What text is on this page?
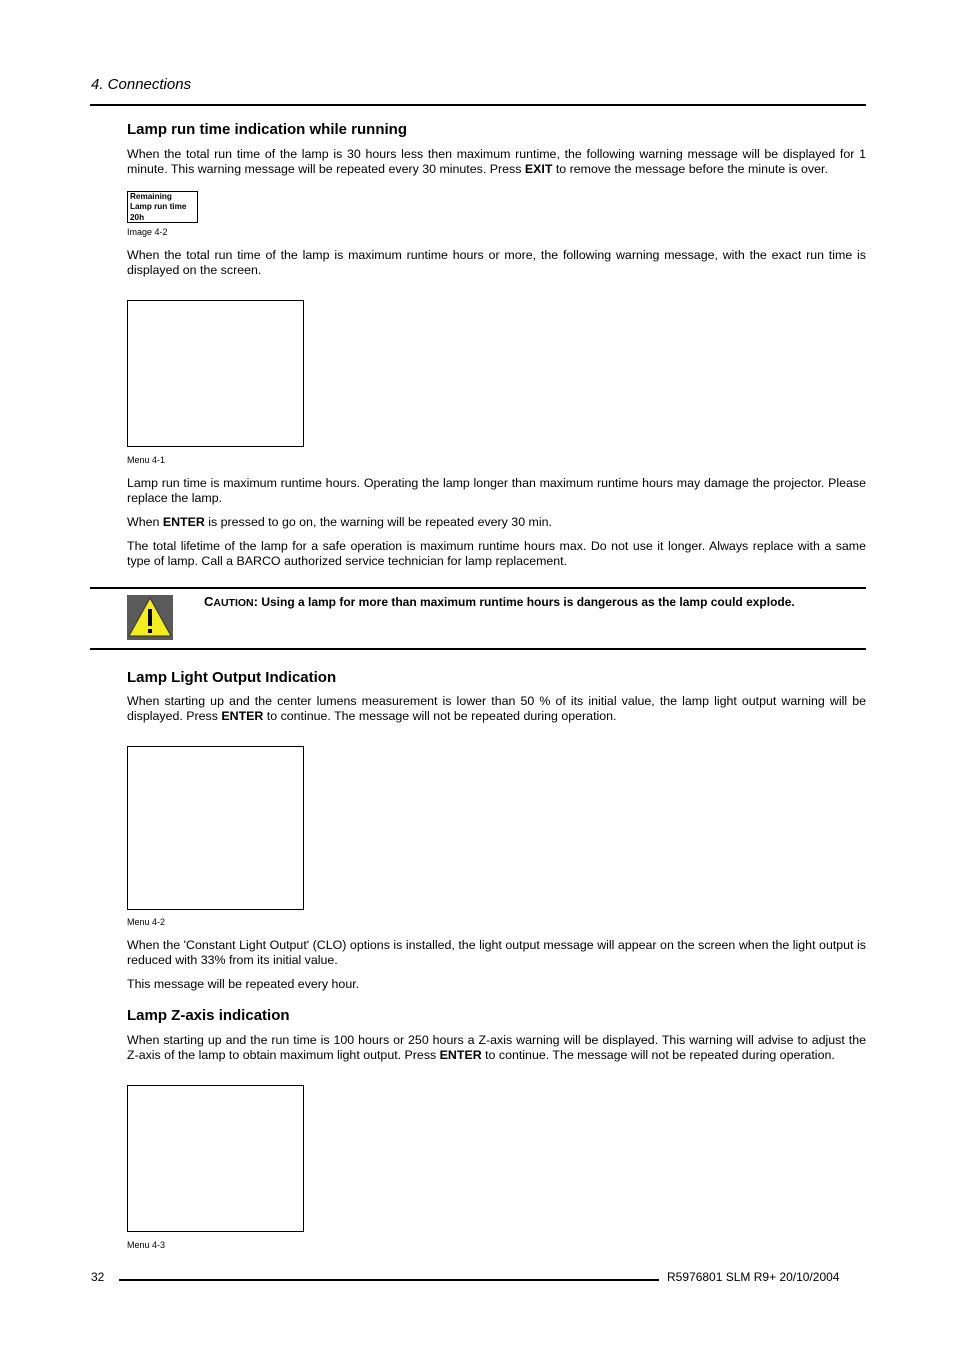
4. Connections
Lamp run time indication while running

When the total run time of the lamp is 30 hours less then maximum runtime, the following warning message will be displayed for 1 minute. This warning message will be repeated every 30 minutes. Press EXIT to remove the message before the minute is over.

Remaining
Lamp run time
20h
Image 4-2

When the total run time of the lamp is maximum runtime hours or more, the following warning message, with the exact run time is displayed on the screen.

Menu 4-1

Lamp run time is maximum runtime hours. Operating the lamp longer than maximum runtime hours may damage the projector. Please replace the lamp.

When ENTER is pressed to go on, the warning will be repeated every 30 min.

The total lifetime of the lamp for a safe operation is maximum runtime hours max. Do not use it longer. Always replace with a same type of lamp. Call a BARCO authorized service technician for lamp replacement.

CAUTION: Using a lamp for more than maximum runtime hours is dangerous as the lamp could explode.
Lamp Light Output Indication

When starting up and the center lumens measurement is lower than 50 % of its initial value, the lamp light output warning will be displayed. Press ENTER to continue. The message will not be repeated during operation.

Menu 4-2

When the 'Constant Light Output' (CLO) options is installed, the light output message will appear on the screen when the light output is reduced with 33% from its initial value.

This message will be repeated every hour.

Lamp Z-axis indication

When starting up and the run time is 100 hours or 250 hours a Z-axis warning will be displayed. This warning will advise to adjust the Z-axis of the lamp to obtain maximum light output. Press ENTER to continue. The message will not be repeated during operation.

Menu 4-3
32	R5976801 SLM R9+ 20/10/2004
